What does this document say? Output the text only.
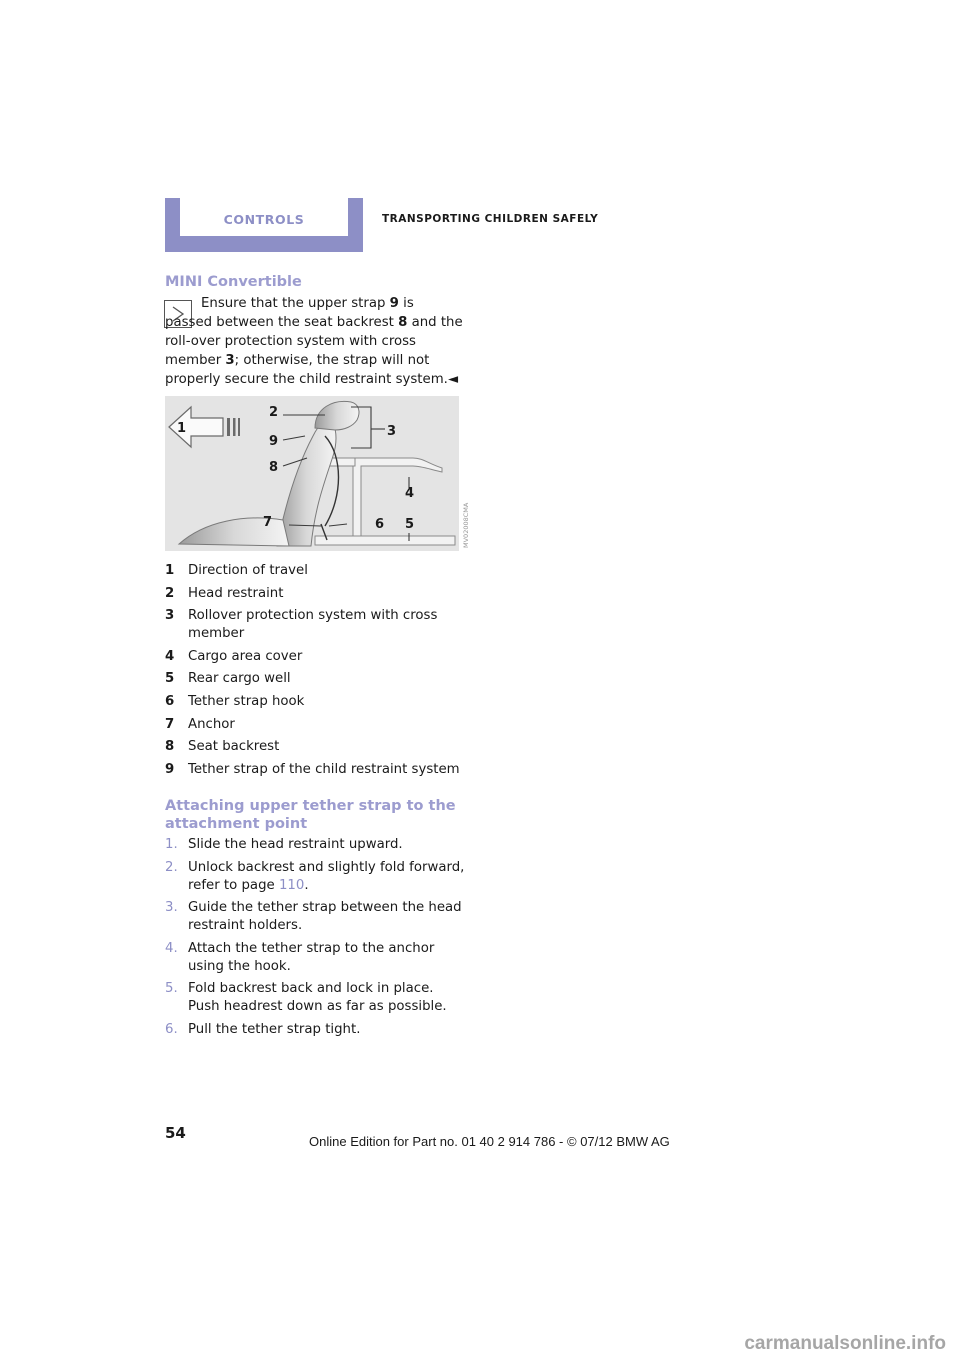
CONTROLS	TRANSPORTING CHILDREN SAFELY
MINI Convertible

Ensure that the upper strap 9 is passed between the seat backrest 8 and the roll-over protection system with cross member 3; otherwise, the strap will not properly secure the child restraint system.◄

1
2
9
8
7	6 5
4
3
MV02008CMA
1 Direction of travel
2 Head restraint
3 Rollover protection system with cross member
4 Cargo area cover
5 Rear cargo well
6 Tether strap hook
7 Anchor
8 Seat backrest
9 Tether strap of the child restraint system
Attaching upper tether strap to the attachment point
1. Slide the head restraint upward.
2. Unlock backrest and slightly fold forward, refer to page 110.
3. Guide the tether strap between the head restraint holders.
4. Attach the tether strap to the anchor using the hook.
5. Fold backrest back and lock in place. Push headrest down as far as possible.
6. Pull the tether strap tight.
54	Online Edition for Part no. 01 40 2 914 786 - © 07/12 BMW AG
carmanualsonline.info
